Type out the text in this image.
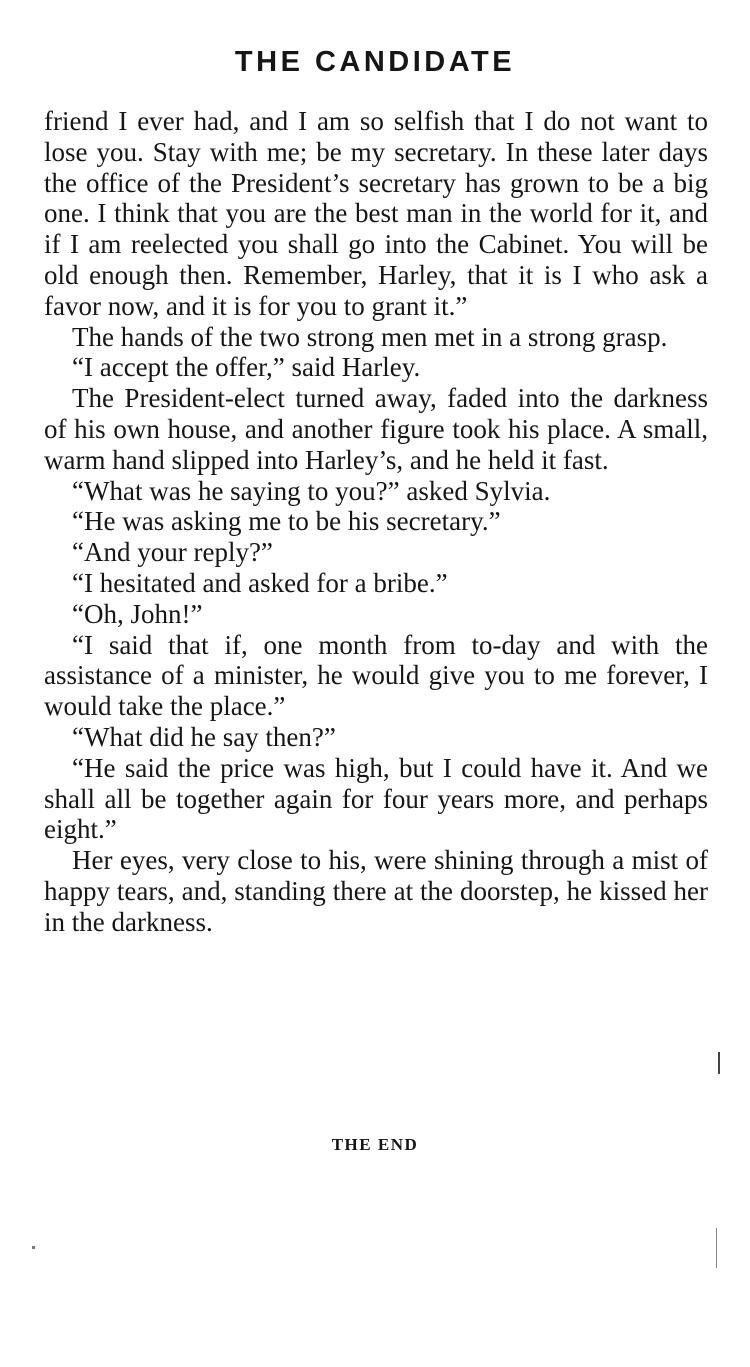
THE CANDIDATE

friend I ever had, and I am so selfish that I do not want to lose you. Stay with me; be my secretary. In these later days the office of the President’s secretary has grown to be a big one. I think that you are the best man in the world for it, and if I am reelected you shall go into the Cabinet. You will be old enough then. Remember, Harley, that it is I who ask a favor now, and it is for you to grant it.”

The hands of the two strong men met in a strong grasp.

“I accept the offer,” said Harley.

The President-elect turned away, faded into the darkness of his own house, and another figure took his place. A small, warm hand slipped into Harley’s, and he held it fast.

“What was he saying to you?” asked Sylvia.

“He was asking me to be his secretary.”

“And your reply?”

“I hesitated and asked for a bribe.”

“Oh, John!”

“I said that if, one month from to-day and with the assistance of a minister, he would give you to me forever, I would take the place.”

“What did he say then?”

“He said the price was high, but I could have it. And we shall all be together again for four years more, and perhaps eight.”

Her eyes, very close to his, were shining through a mist of happy tears, and, standing there at the doorstep, he kissed her in the darkness.

THE END
